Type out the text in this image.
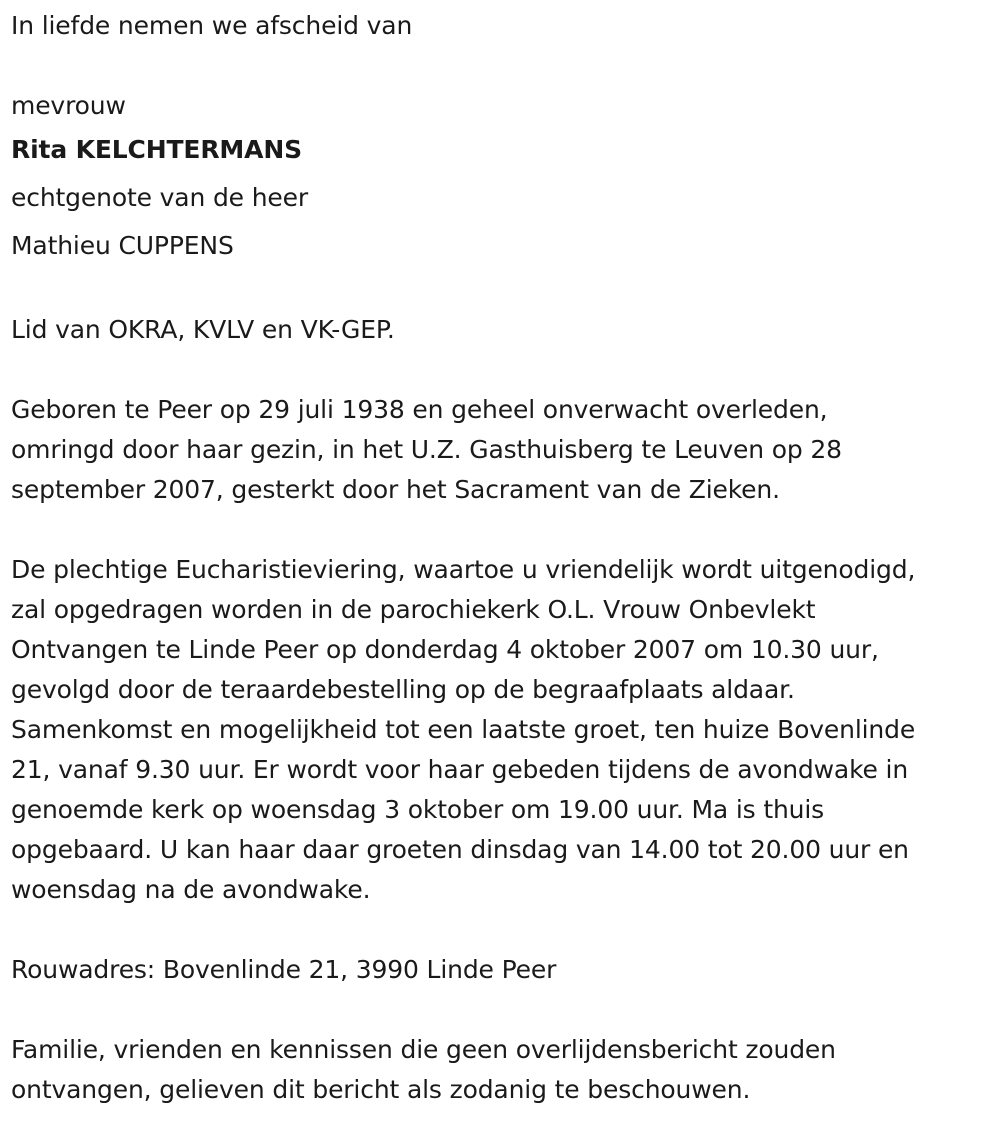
In liefde nemen we afscheid van

mevrouw

Rita KELCHTERMANS

echtgenote van de heer

Mathieu CUPPENS

Lid van OKRA, KVLV en VK-GEP.

Geboren te Peer op 29 juli 1938 en geheel onverwacht overleden,

omringd door haar gezin, in het U.Z. Gasthuisberg te Leuven op 28

september 2007, gesterkt door het Sacrament van de Zieken.

De plechtige Eucharistieviering, waartoe u vriendelijk wordt uitgenodigd,

zal opgedragen worden in de parochiekerk O.L. Vrouw Onbevlekt

Ontvangen te Linde Peer op donderdag 4 oktober 2007 om 10.30 uur,

gevolgd door de teraardebestelling op de begraafplaats aldaar.

Samenkomst en mogelijkheid tot een laatste groet, ten huize Bovenlinde

21, vanaf 9.30 uur. Er wordt voor haar gebeden tijdens de avondwake in

genoemde kerk op woensdag 3 oktober om 19.00 uur. Ma is thuis

opgebaard. U kan haar daar groeten dinsdag van 14.00 tot 20.00 uur en

woensdag na de avondwake.

Rouwadres: Bovenlinde 21, 3990 Linde Peer

Familie, vrienden en kennissen die geen overlijdensbericht zouden

ontvangen, gelieven dit bericht als zodanig te beschouwen.
